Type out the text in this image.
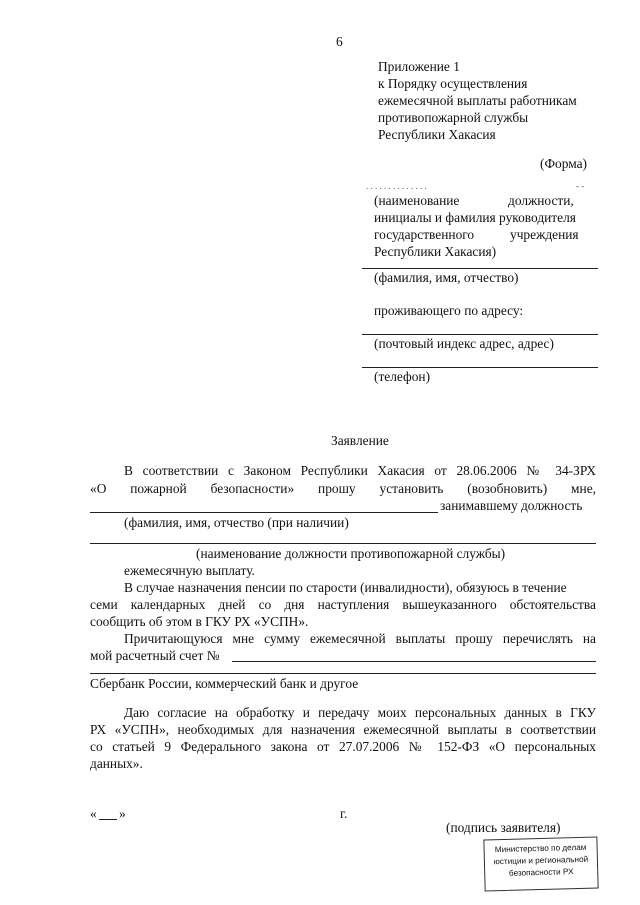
6
Приложение 1
к Порядку осуществления
ежемесячной выплаты работникам
противопожарной службы
Республики Хакасия
(Форма)
. . . . . . . . . . . . . .	- -
(наименование	должности,
инициалы и фамилия руководителя
государственного	учреждения
Республики Хакасия)
(фамилия, имя, отчество)
проживающего по адресу:
(почтовый индекс адрес, адрес)
(телефон)
Заявление
В соответствии с Законом Республики Хакасия от 28.06.2006 № 34-ЗРХ
«О пожарной безопасности» прошу установить (возобновить) мне,
занимавшему должность
(фамилия, имя, отчество (при наличии)
(наименование должности противопожарной службы)
ежемесячную выплату.
В случае назначения пенсии по старости (инвалидности), обязуюсь в течение
семи календарных дней со дня наступления вышеуказанного обстоятельства
сообщить об этом в ГКУ РХ «УСПН».
Причитающуюся мне сумму ежемесячной выплаты прошу перечислять на
мой расчетный счет №
Сбербанк России, коммерческий банк и другое
Даю согласие на обработку и передачу моих персональных данных в ГКУ
РХ «УСПН», необходимых для назначения ежемесячной выплаты в соответствии
со статьей 9 Федерального закона от 27.07.2006 № 152-ФЗ «О персональных
данных».
« »	г.
(подпись заявителя)
Министерство по делам
юстиции и региональной
безопасности РХ
